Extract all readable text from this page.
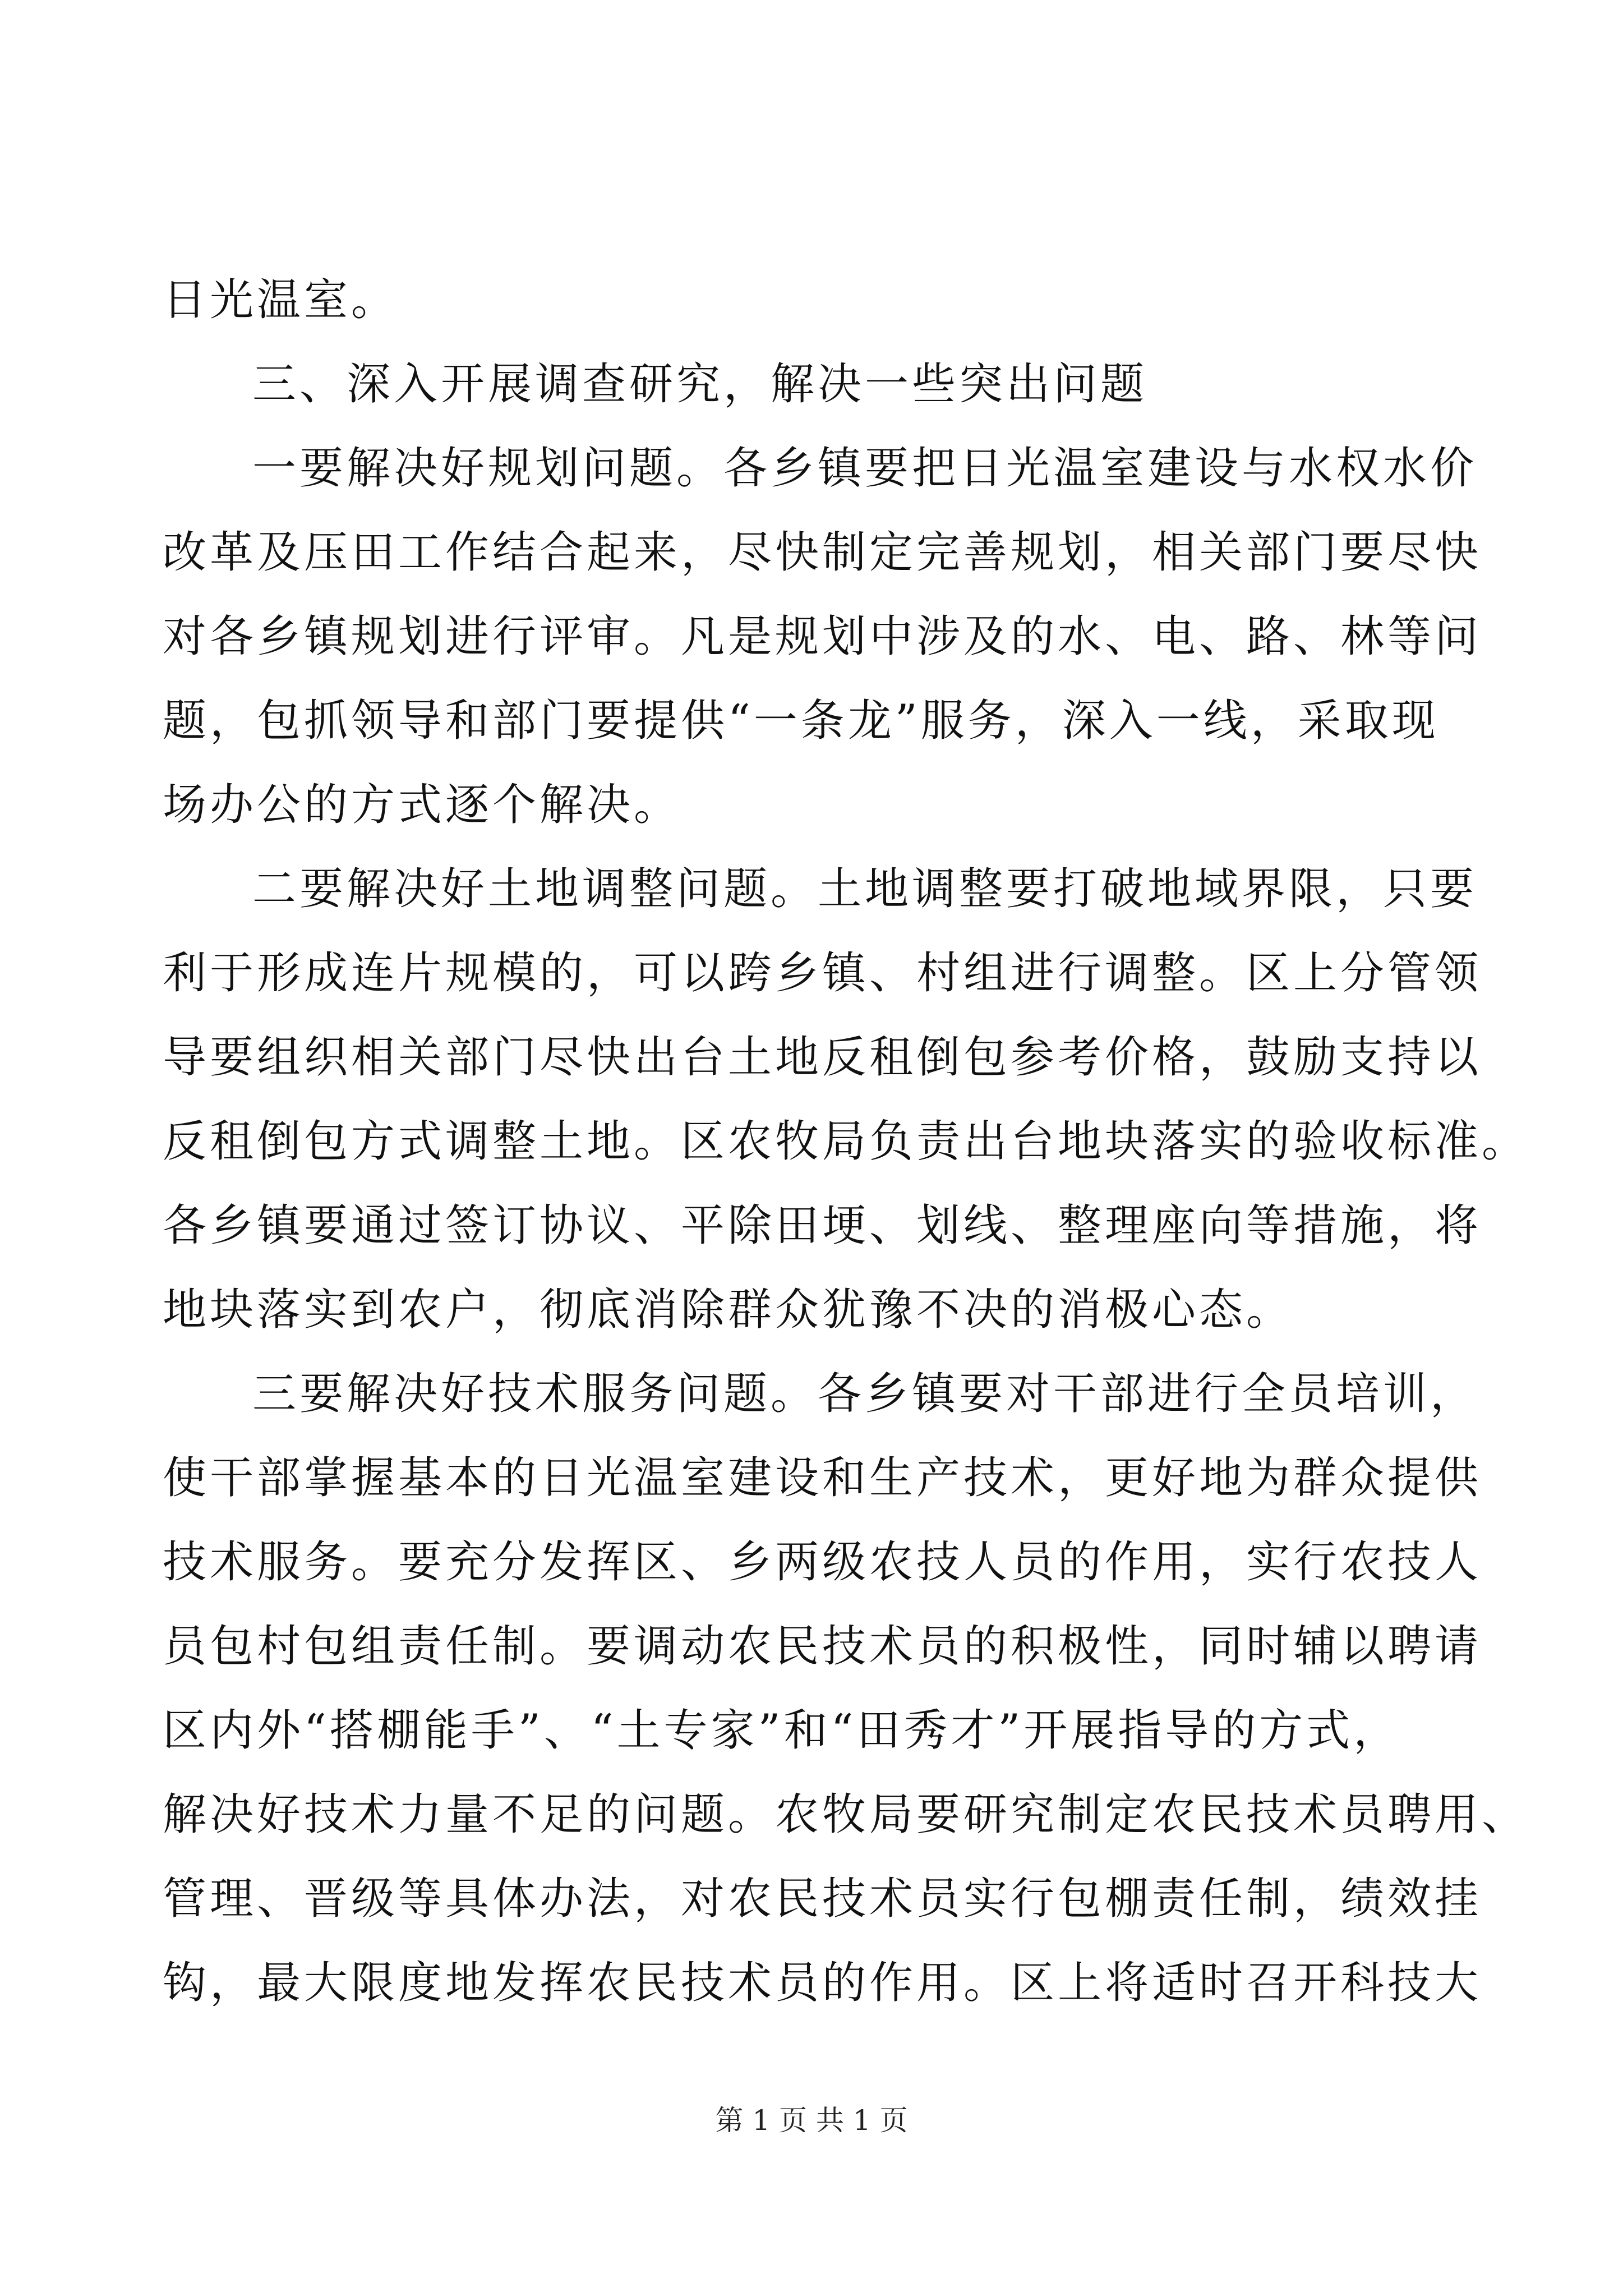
日光温室。
三、深入开展调查研究，解决一些突出问题
一要解决好规划问题。各乡镇要把日光温室建设与水权水价
改革及压田工作结合起来，尽快制定完善规划，相关部门要尽快
对各乡镇规划进行评审。凡是规划中涉及的水、电、路、林等问
题，包抓领导和部门要提供“一条龙”服务，深入一线，采取现
场办公的方式逐个解决。
二要解决好土地调整问题。土地调整要打破地域界限，只要
利于形成连片规模的，可以跨乡镇、村组进行调整。区上分管领
导要组织相关部门尽快出台土地反租倒包参考价格，鼓励支持以
反租倒包方式调整土地。区农牧局负责出台地块落实的验收标准。
各乡镇要通过签订协议、平除田埂、划线、整理座向等措施，将
地块落实到农户，彻底消除群众犹豫不决的消极心态。
三要解决好技术服务问题。各乡镇要对干部进行全员培训，
使干部掌握基本的日光温室建设和生产技术，更好地为群众提供
技术服务。要充分发挥区、乡两级农技人员的作用，实行农技人
员包村包组责任制。要调动农民技术员的积极性，同时辅以聘请
区内外“搭棚能手”、“土专家”和“田秀才”开展指导的方式，
解决好技术力量不足的问题。农牧局要研究制定农民技术员聘用、
管理、晋级等具体办法，对农民技术员实行包棚责任制，绩效挂
钩，最大限度地发挥农民技术员的作用。区上将适时召开科技大
第 1 页 共 1 页
